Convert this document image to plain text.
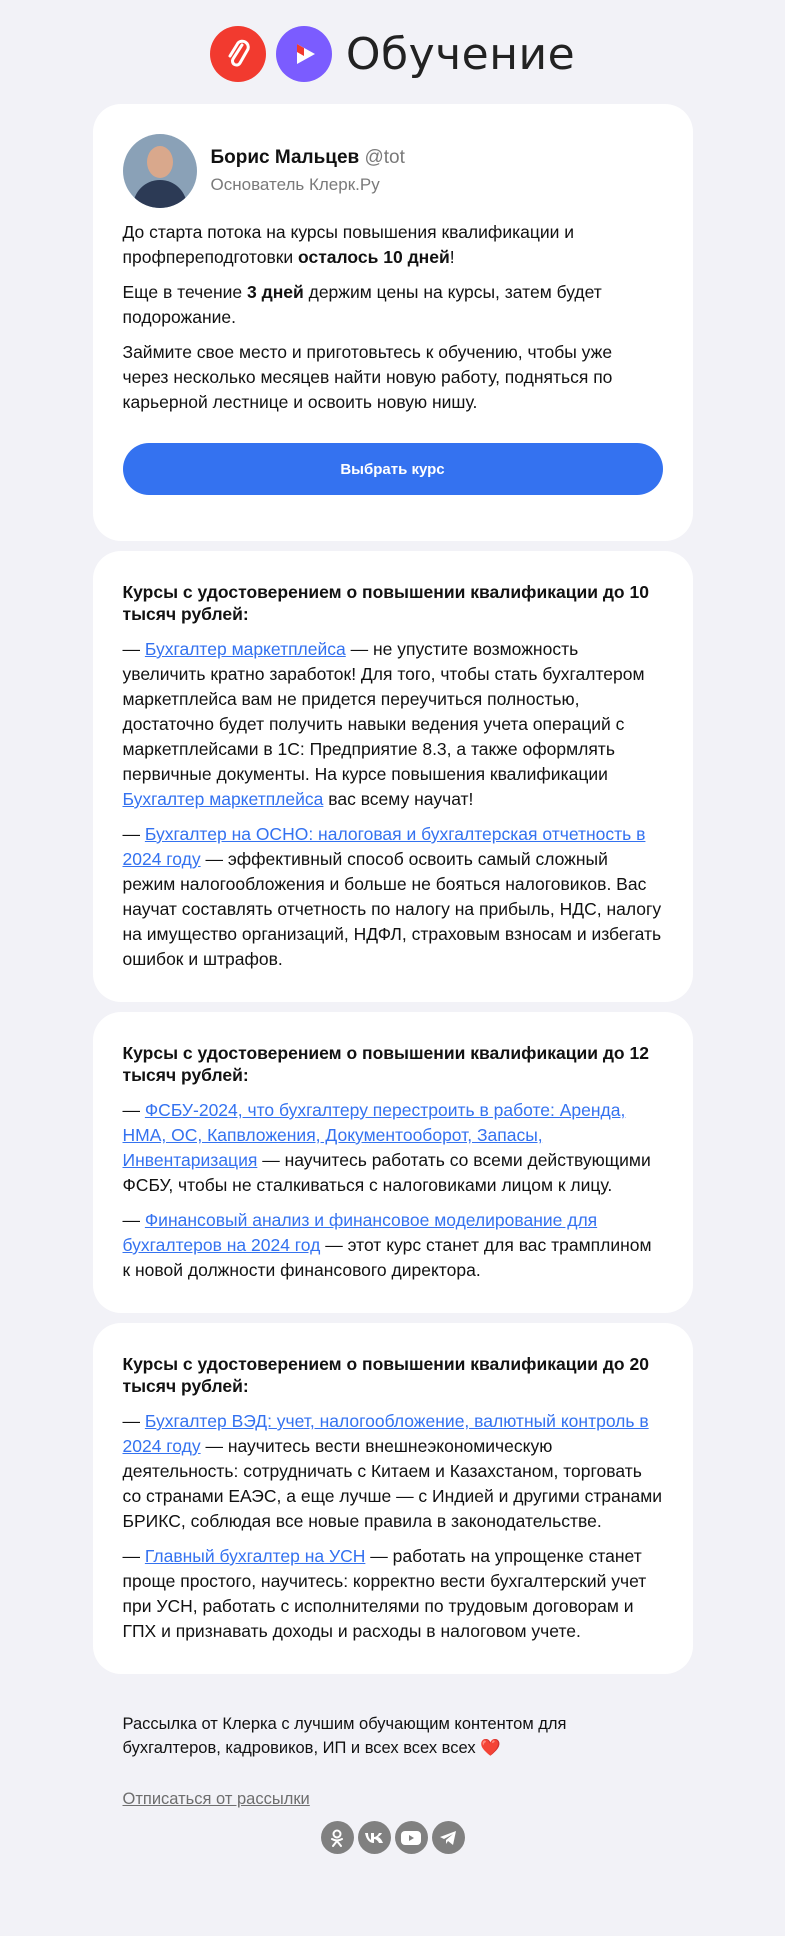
Обучение
Борис Мальцев @tot
Основатель Клерк.Ру

До старта потока на курсы повышения квалификации и профпереподготовки осталось 10 дней!

Еще в течение 3 дней держим цены на курсы, затем будет подорожание.

Займите свое место и приготовьтесь к обучению, чтобы уже через несколько месяцев найти новую работу, подняться по карьерной лестнице и освоить новую нишу.

Выбрать курс
Курсы с удостоверением о повышении квалификации до 10 тысяч рублей:

— Бухгалтер маркетплейса — не упустите возможность увеличить кратно заработок! Для того, чтобы стать бухгалтером маркетплейса вам не придется переучиться полностью, достаточно будет получить навыки ведения учета операций с маркетплейсами в 1С: Предприятие 8.3, а также оформлять первичные документы. На курсе повышения квалификации Бухгалтер маркетплейса вас всему научат!

— Бухгалтер на ОСНО: налоговая и бухгалтерская отчетность в 2024 году — эффективный способ освоить самый сложный режим налогообложения и больше не бояться налоговиков. Вас научат составлять отчетность по налогу на прибыль, НДС, налогу на имущество организаций, НДФЛ, страховым взносам и избегать ошибок и штрафов.

Курсы с удостоверением о повышении квалификации до 12 тысяч рублей:

— ФСБУ-2024, что бухгалтеру перестроить в работе: Аренда, НМА, ОС, Капвложения, Документооборот, Запасы, Инвентаризация — научитесь работать со всеми действующими ФСБУ, чтобы не сталкиваться с налоговиками лицом к лицу.

— Финансовый анализ и финансовое моделирование для бухгалтеров на 2024 год — этот курс станет для вас трамплином к новой должности финансового директора.

Курсы с удостоверением о повышении квалификации до 20 тысяч рублей:

— Бухгалтер ВЭД: учет, налогообложение, валютный контроль в 2024 году — научитесь вести внешнеэкономическую деятельность: сотрудничать с Китаем и Казахстаном, торговать со странами ЕАЭС, а еще лучше — с Индией и другими странами БРИКС, соблюдая все новые правила в законодательстве.

— Главный бухгалтер на УСН — работать на упрощенке станет проще простого, научитесь: корректно вести бухгалтерский учет при УСН, работать с исполнителями по трудовым договорам и ГПХ и признавать доходы и расходы в налоговом учете.

Рассылка от Клерка с лучшим обучающим контентом для бухгалтеров, кадровиков, ИП и всех всех всех ❤️

Отписаться от рассылки
